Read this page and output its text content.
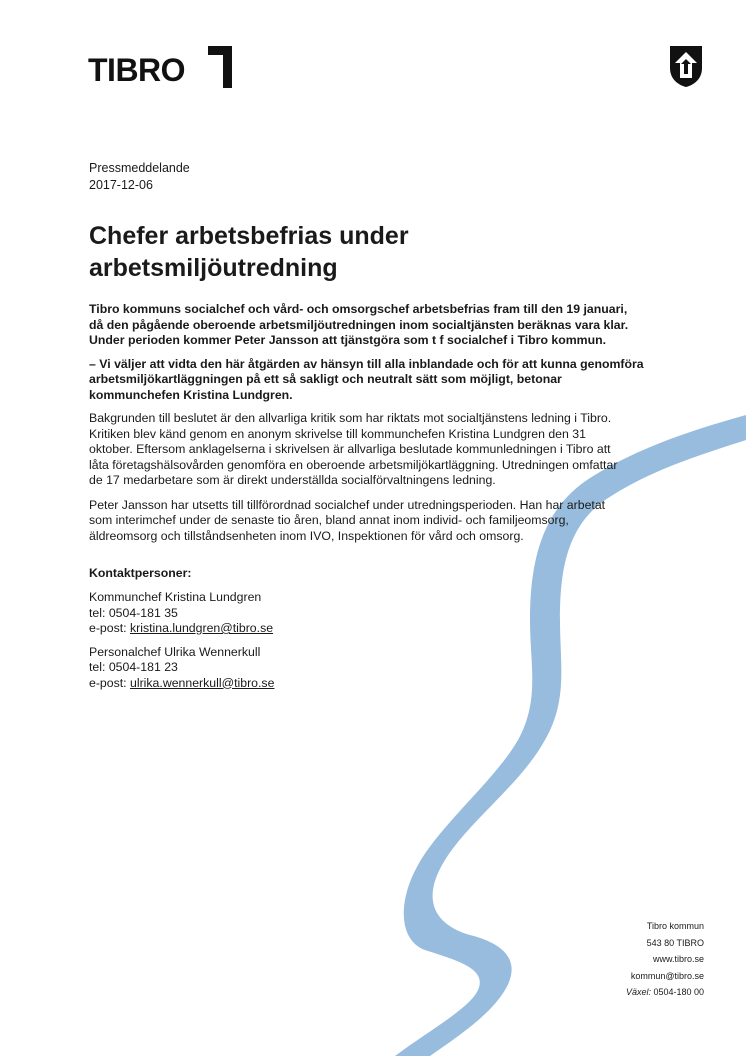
TIBRO

Pressmeddelande

2017-12-06

Chefer arbetsbefrias under arbetsmiljöutredning

Tibro kommuns socialchef och vård- och omsorgschef arbetsbefrias fram till den 19 januari, då den pågående oberoende arbetsmiljöutredningen inom socialtjänsten beräknas vara klar. Under perioden kommer Peter Jansson att tjänstgöra som t f socialchef i Tibro kommun.

– Vi väljer att vidta den här åtgärden av hänsyn till alla inblandade och för att kunna genomföra arbetsmiljökartläggningen på ett så sakligt och neutralt sätt som möjligt, betonar kommunchefen Kristina Lundgren.

Bakgrunden till beslutet är den allvarliga kritik som har riktats mot socialtjänstens ledning i Tibro. Kritiken blev känd genom en anonym skrivelse till kommunchefen Kristina Lundgren den 31 oktober. Eftersom anklagelserna i skrivelsen är allvarliga beslutade kommunledningen i Tibro att låta företagshälsovården genomföra en oberoende arbetsmiljökartläggning. Utredningen omfattar de 17 medarbetare som är direkt underställda socialförvaltningens ledning.

Peter Jansson har utsetts till tillförordnad socialchef under utredningsperioden. Han har arbetat som interimchef under de senaste tio åren, bland annat inom individ- och familjeomsorg, äldreomsorg och tillståndsenheten inom IVO, Inspektionen för vård och omsorg.

Kontaktpersoner:

Kommunchef Kristina Lundgren
tel: 0504-181 35
e-post: kristina.lundgren@tibro.se
Personalchef Ulrika Wennerkull
tel: 0504-181 23
e-post: ulrika.wennerkull@tibro.se
Tibro kommun
543 80 TIBRO
www.tibro.se
kommun@tibro.se
Växel: 0504-180 00
